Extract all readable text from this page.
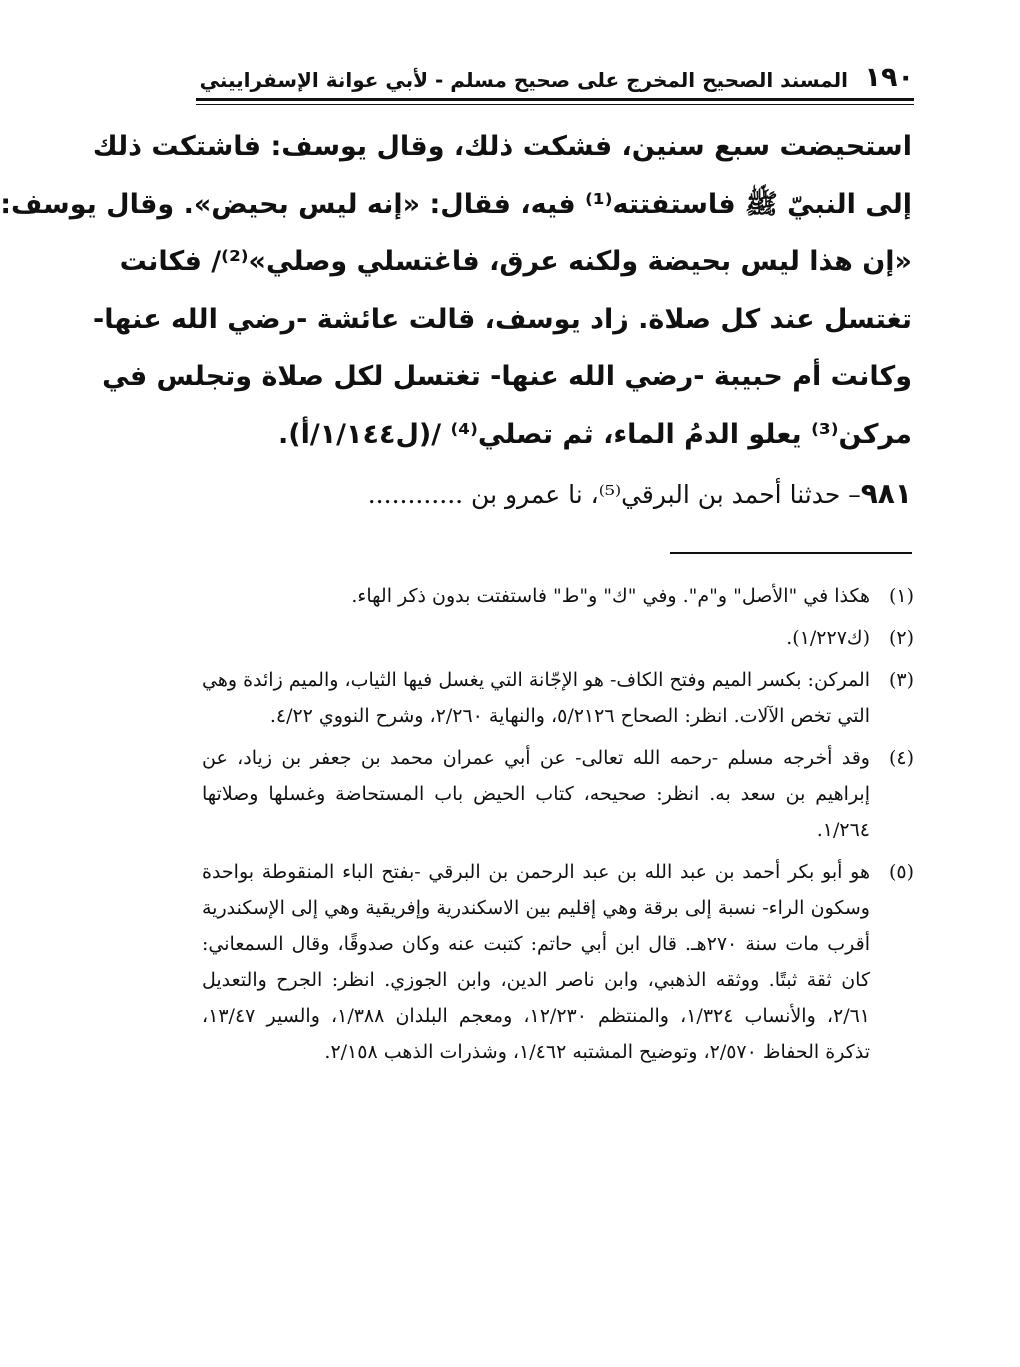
١٩٠
المسند الصحيح المخرج على صحيح مسلم - لأبي عوانة الإسفراييني
استحيضت سبع سنين، فشكت ذلك، وقال يوسف: فاشتكت ذلك
إلى النبيّ ﷺ فاستفتته⁽¹⁾ فيه، فقال: «إنه ليس بحيض». وقال يوسف:
«إن هذا ليس بحيضة ولكنه عرق، فاغتسلي وصلي»⁽²⁾/ فكانت
تغتسل عند كل صلاة. زاد يوسف، قالت عائشة -رضي الله عنها-
وكانت أم حبيبة -رضي الله عنها- تغتسل لكل صلاة وتجلس في
مركن⁽³⁾ يعلو الدمُ الماء، ثم تصلي⁽⁴⁾ /(ل١/١٤٤/أ).
٩٨١– حدثنا أحمد بن البرقي⁽⁵⁾، نا عمرو بن ............
(١)
هكذا في "الأصل" و"م". وفي "ك" و"ط" فاستفتت بدون ذكر الهاء.
(٢)
(ك١/٢٢٧).
(٣)
المركن: بكسر الميم وفتح الكاف- هو الإجّانة التي يغسل فيها الثياب، والميم زائدة وهي التي تخص الآلات. انظر: الصحاح ٥/٢١٢٦، والنهاية ٢/٢٦٠، وشرح النووي ٤/٢٢.
(٤)
وقد أخرجه مسلم -رحمه الله تعالى- عن أبي عمران محمد بن جعفر بن زياد، عن إبراهيم بن سعد به. انظر: صحيحه، كتاب الحيض باب المستحاضة وغسلها وصلاتها ١/٢٦٤.
(٥)
هو أبو بكر أحمد بن عبد الله بن عبد الرحمن بن البرقي -بفتح الباء المنقوطة بواحدة وسكون الراء- نسبة إلى برقة وهي إقليم بين الاسكندرية وإفريقية وهي إلى الإسكندرية أقرب مات سنة ٢٧٠هـ. قال ابن أبي حاتم: كتبت عنه وكان صدوقًا، وقال السمعاني: كان ثقة ثبتًا. ووثقه الذهبي، وابن ناصر الدين، وابن الجوزي. انظر: الجرح والتعديل ٢/٦١، والأنساب ١/٣٢٤، والمنتظم ١٢/٢٣٠، ومعجم البلدان ١/٣٨٨، والسير ١٣/٤٧، تذكرة الحفاظ ٢/٥٧٠، وتوضيح المشتبه ١/٤٦٢، وشذرات الذهب ٢/١٥٨.
